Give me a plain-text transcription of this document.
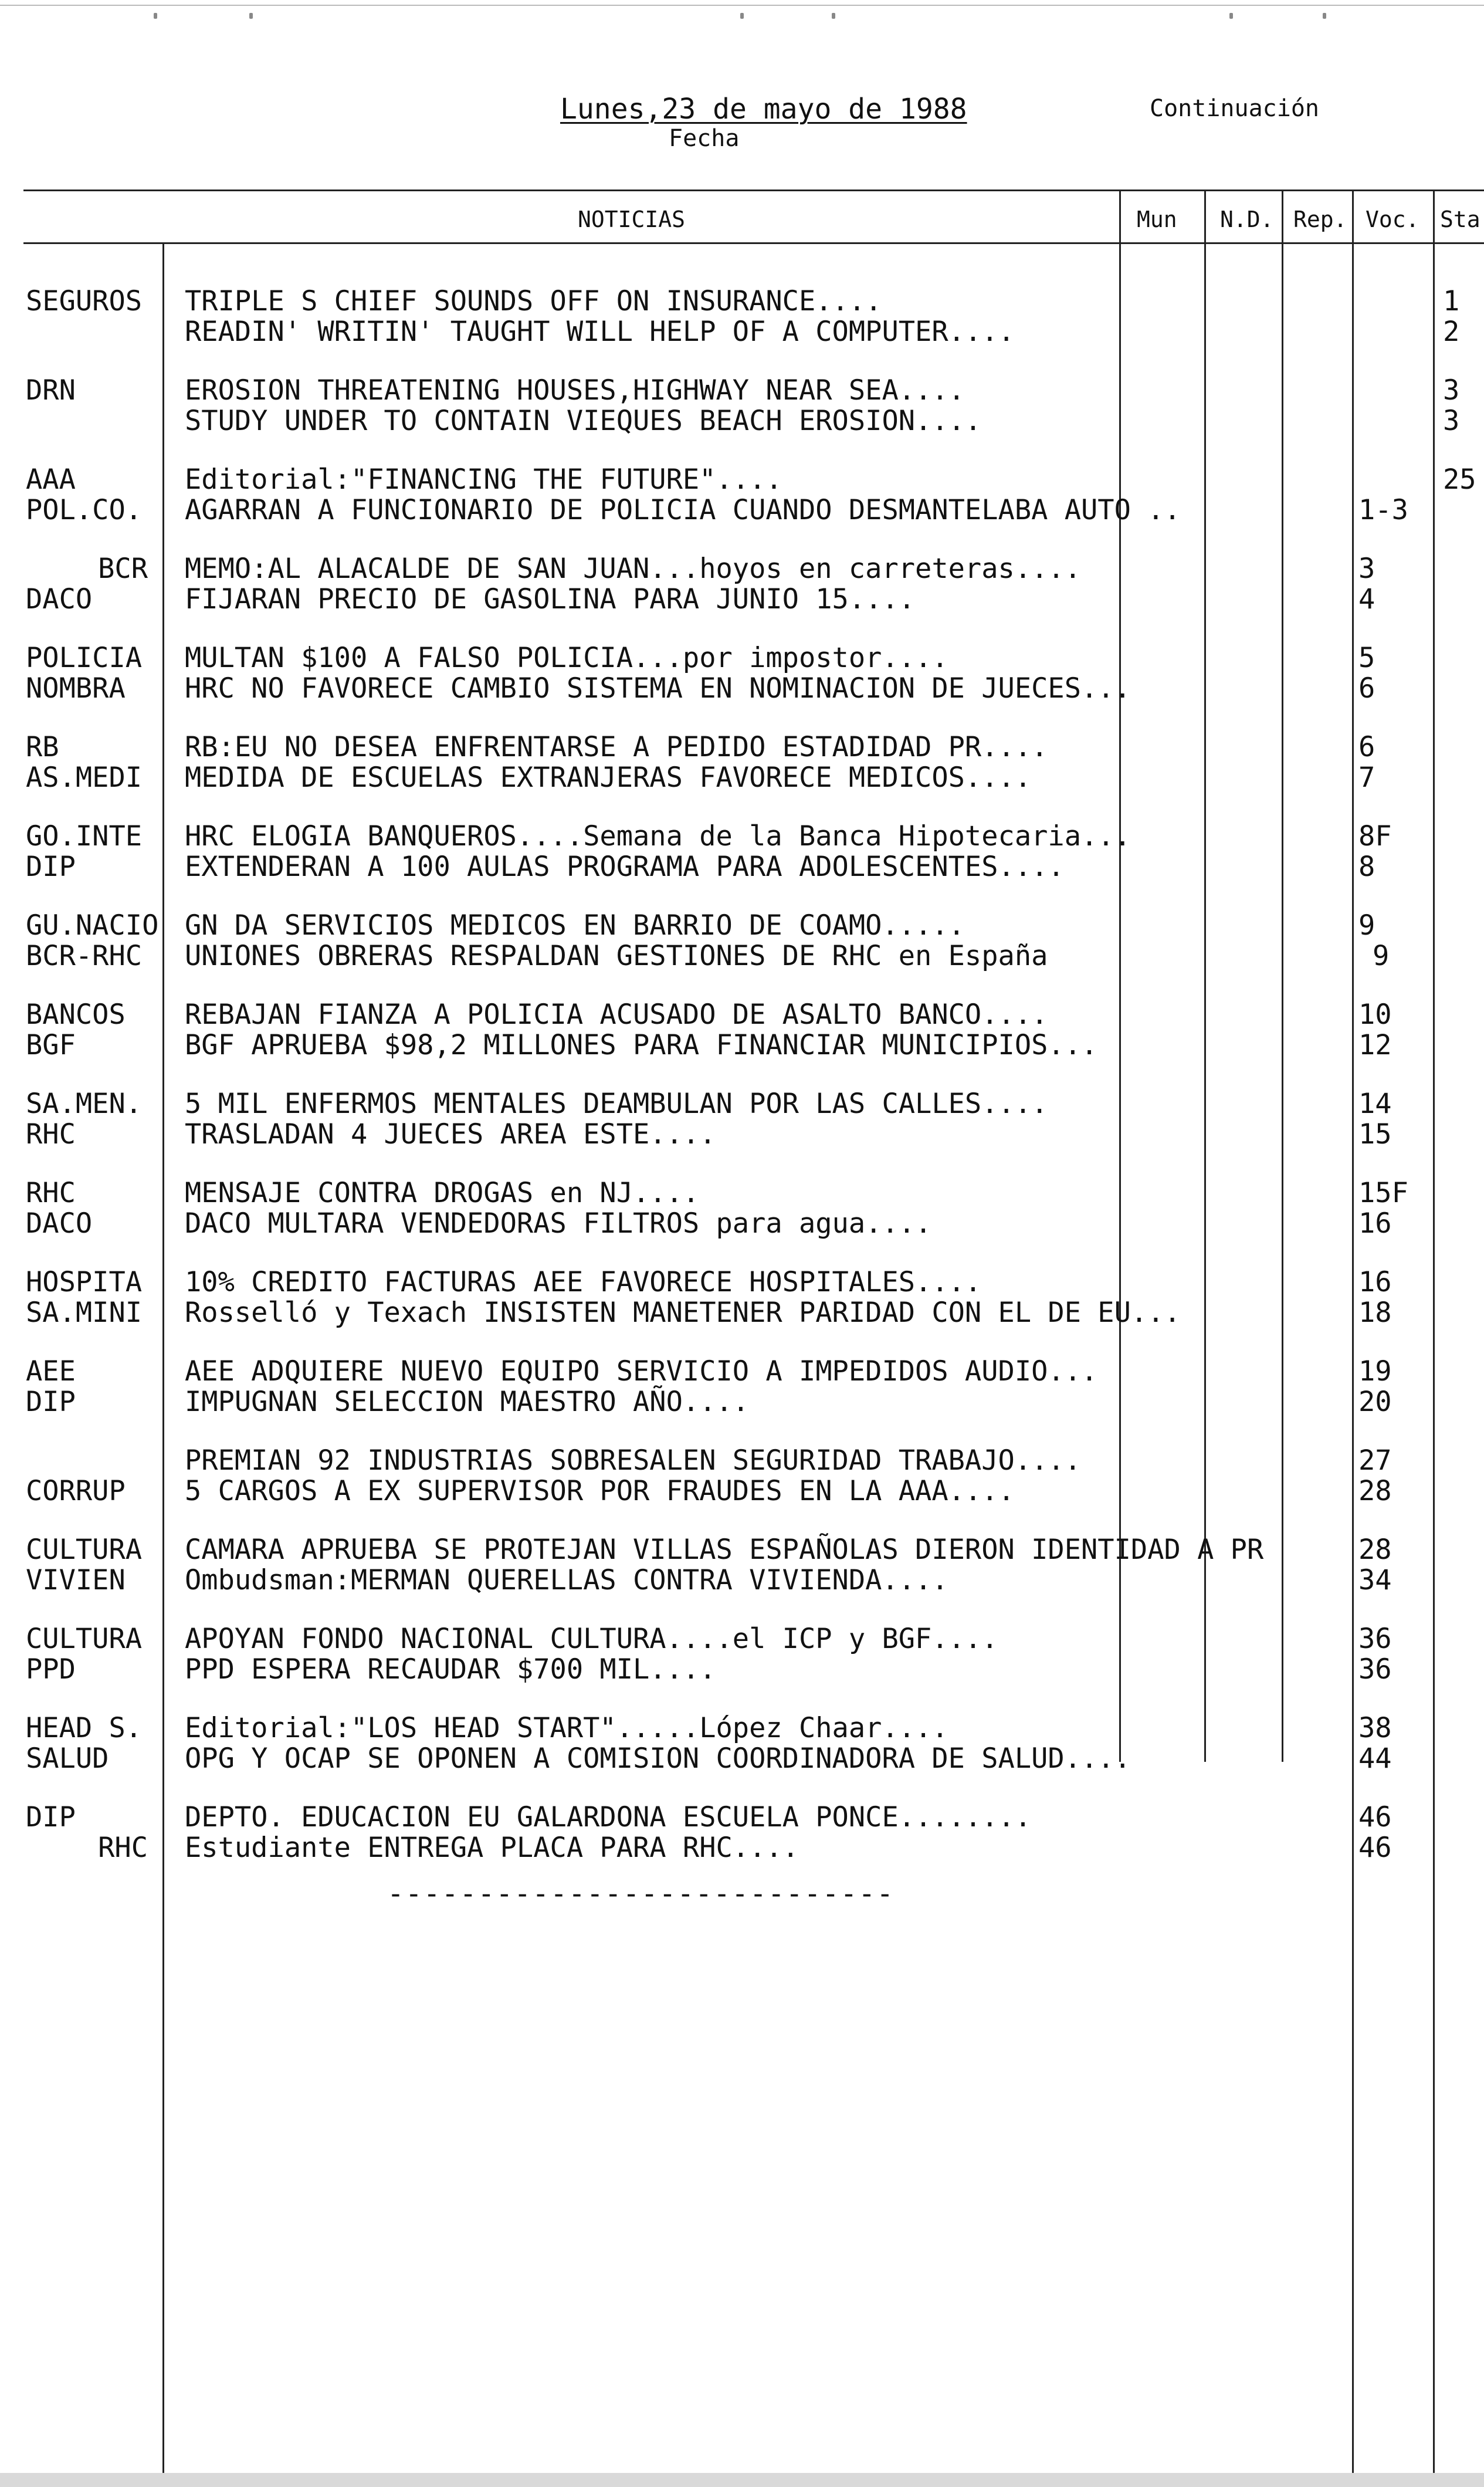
Lunes,23 de mayo de 1988
Fecha
Continuación
NOTICIAS	Mun N.D. Rep. Voc. Sta
SEGUROS	TRIPLE S CHIEF SOUNDS OFF ON INSURANCE....	1
READIN' WRITIN' TAUGHT WILL HELP OF A COMPUTER....	2
DRN	EROSION THREATENING HOUSES,HIGHWAY NEAR SEA....	3
STUDY UNDER TO CONTAIN VIEQUES BEACH EROSION....	3
AAA	Editorial:"FINANCING THE FUTURE"....	25
POL.CO.	AGARRAN A FUNCIONARIO DE POLICIA CUANDO DESMANTELABA AUTO ..	1-3
BCR MEMO:AL ALACALDE DE SAN JUAN...hoyos en carreteras....	3
DACO	FIJARAN PRECIO DE GASOLINA PARA JUNIO 15....	4
POLICIA	MULTAN $100 A FALSO POLICIA...por impostor....	5
NOMBRA	HRC NO FAVORECE CAMBIO SISTEMA EN NOMINACION DE JUECES...	6
RB	RB:EU NO DESEA ENFRENTARSE A PEDIDO ESTADIDAD PR....	6
AS.MEDI	MEDIDA DE ESCUELAS EXTRANJERAS FAVORECE MEDICOS....	7
GO.INTE	HRC ELOGIA BANQUEROS....Semana de la Banca Hipotecaria...	8F
DIP	EXTENDERAN A 100 AULAS PROGRAMA PARA ADOLESCENTES....	8
GU.NACIO GN DA SERVICIOS MEDICOS EN BARRIO DE COAMO.....	9
BCR-RHC	UNIONES OBRERAS RESPALDAN GESTIONES DE RHC en España	9
BANCOS	REBAJAN FIANZA A POLICIA ACUSADO DE ASALTO BANCO....	10
BGF	BGF APRUEBA $98,2 MILLONES PARA FINANCIAR MUNICIPIOS...	12
SA.MEN.	5 MIL ENFERMOS MENTALES DEAMBULAN POR LAS CALLES....	14
RHC	TRASLADAN 4 JUECES AREA ESTE....	15
RHC	MENSAJE CONTRA DROGAS en NJ....	15F
DACO	DACO MULTARA VENDEDORAS FILTROS para agua....	16
HOSPITA	10% CREDITO FACTURAS AEE FAVORECE HOSPITALES....	16
SA.MINI	Rosselló y Texach INSISTEN MANETENER PARIDAD CON EL DE EU...	18
AEE	AEE ADQUIERE NUEVO EQUIPO SERVICIO A IMPEDIDOS AUDIO...	19
DIP	IMPUGNAN SELECCION MAESTRO AÑO....	20
PREMIAN 92 INDUSTRIAS SOBRESALEN SEGURIDAD TRABAJO....	27
CORRUP	5 CARGOS A EX SUPERVISOR POR FRAUDES EN LA AAA....	28
CULTURA	CAMARA APRUEBA SE PROTEJAN VILLAS ESPAÑOLAS DIERON IDENTIDAD A PR	28
VIVIEN	Ombudsman:MERMAN QUERELLAS CONTRA VIVIENDA....	34
CULTURA	APOYAN FONDO NACIONAL CULTURA....el ICP y BGF....	36
PPD	PPD ESPERA RECAUDAR $700 MIL....	36
HEAD S.	Editorial:"LOS HEAD START".....López Chaar....	38
SALUD	OPG Y OCAP SE OPONEN A COMISION COORDINADORA DE SALUD....	44
DIP	DEPTO. EDUCACION EU GALARDONA ESCUELA PONCE........	46
RHC Estudiante ENTREGA PLACA PARA RHC....	46
----------------------------
